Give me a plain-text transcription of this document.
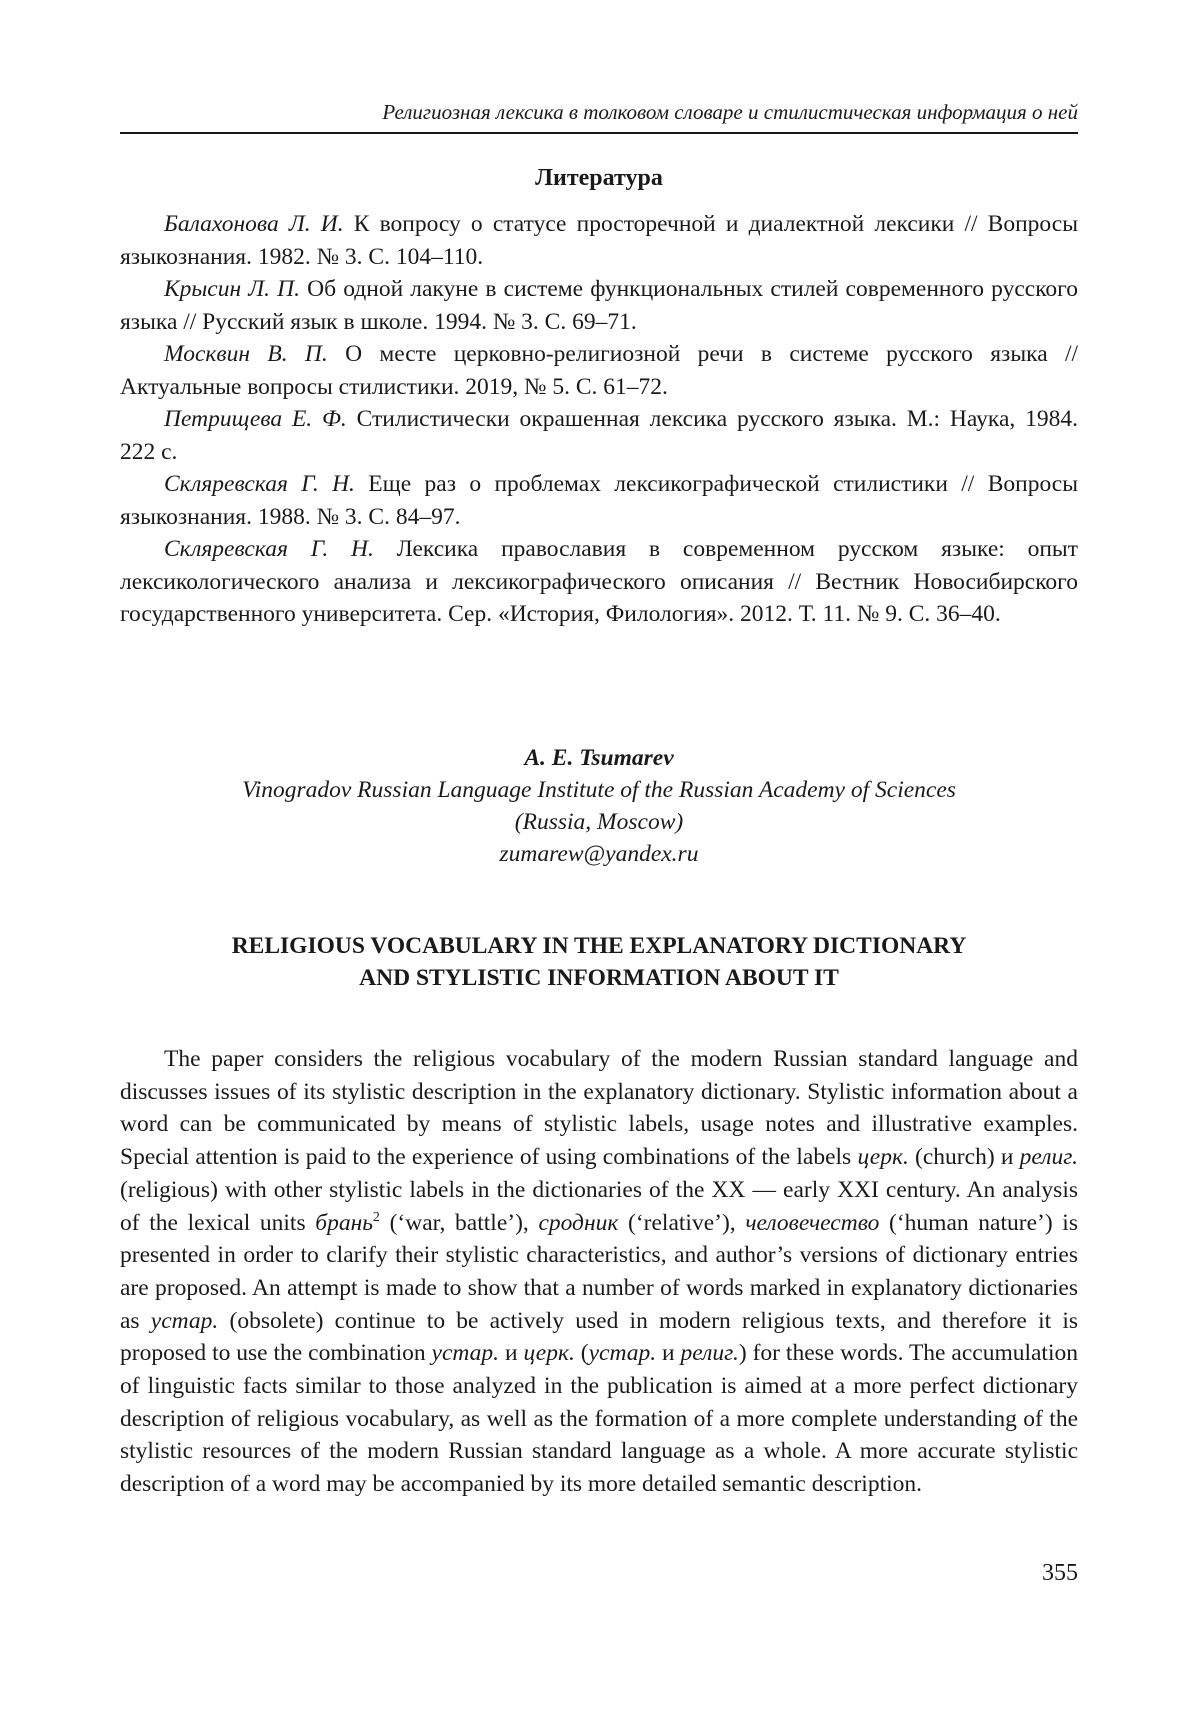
Религиозная лексика в толковом словаре и стилистическая информация о ней
Литература

Балахонова Л. И. К вопросу о статусе просторечной и диалектной лексики // Вопросы языкознания. 1982. № 3. С. 104–110.

Крысин Л. П. Об одной лакуне в системе функциональных стилей современного русского языка // Русский язык в школе. 1994. № 3. С. 69–71.

Москвин В. П. О месте церковно-религиозной речи в системе русского языка // Актуальные вопросы стилистики. 2019, № 5. С. 61–72.

Петрищева Е. Ф. Стилистически окрашенная лексика русского языка. М.: Наука, 1984. 222 с.

Скляревская Г. Н. Еще раз о проблемах лексикографической стилистики // Вопросы языкознания. 1988. № 3. С. 84–97.

Скляревская Г. Н. Лексика православия в современном русском языке: опыт лексикологического анализа и лексикографического описания // Вестник Новосибирского государственного университета. Сер. «История, Филология». 2012. Т. 11. № 9. С. 36–40.

A. E. Tsumarev
Vinogradov Russian Language Institute of the Russian Academy of Sciences
(Russia, Moscow)
zumarew@yandex.ru
RELIGIOUS VOCABULARY IN THE EXPLANATORY DICTIONARY
AND STYLISTIC INFORMATION ABOUT IT

The paper considers the religious vocabulary of the modern Russian standard language and discusses issues of its stylistic description in the explanatory dictionary. Stylistic information about a word can be communicated by means of stylistic labels, usage notes and illustrative examples. Special attention is paid to the experience of using combinations of the labels церк. (church) и религ. (religious) with other stylistic labels in the dictionaries of the XX — early XXI century. An analysis of the lexical units брань$^2$ (‘war, battle’), сродник (‘relative’), человечество (‘human nature’) is presented in order to clarify their stylistic characteristics, and author’s versions of dictionary entries are proposed. An attempt is made to show that a number of words marked in explanatory dictionaries as устар. (obsolete) continue to be actively used in modern religious texts, and therefore it is proposed to use the combination устар. и церк. (устар. и религ.) for these words. The accumulation of linguistic facts similar to those analyzed in the publication is aimed at a more perfect dictionary description of religious vocabulary, as well as the formation of a more complete understanding of the stylistic resources of the modern Russian standard language as a whole. A more accurate stylistic description of a word may be accompanied by its more detailed semantic description.

355
